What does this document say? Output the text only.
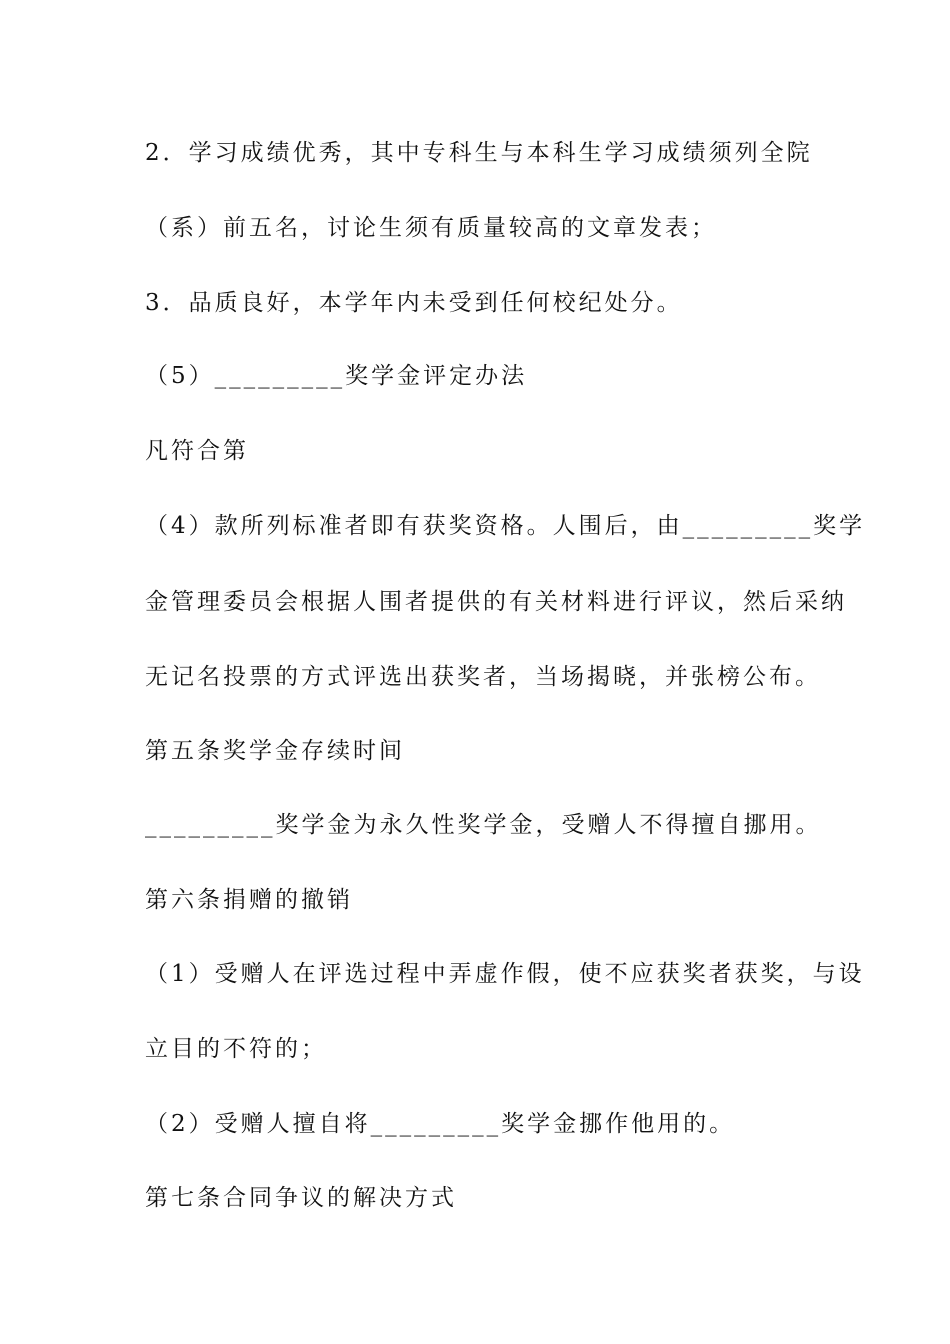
2．学习成绩优秀，其中专科生与本科生学习成绩须列全院
（系）前五名，讨论生须有质量较高的文章发表；
3．品质良好，本学年内未受到任何校纪处分。
（5）_________奖学金评定办法
凡符合第
（4）款所列标准者即有获奖资格。人围后，由_________奖学
金管理委员会根据人围者提供的有关材料进行评议，然后采纳
无记名投票的方式评选出获奖者，当场揭晓，并张榜公布。
第五条奖学金存续时间
_________奖学金为永久性奖学金，受赠人不得擅自挪用。
第六条捐赠的撤销
（1）受赠人在评选过程中弄虚作假，使不应获奖者获奖，与设
立目的不符的；
（2）受赠人擅自将_________奖学金挪作他用的。
第七条合同争议的解决方式
